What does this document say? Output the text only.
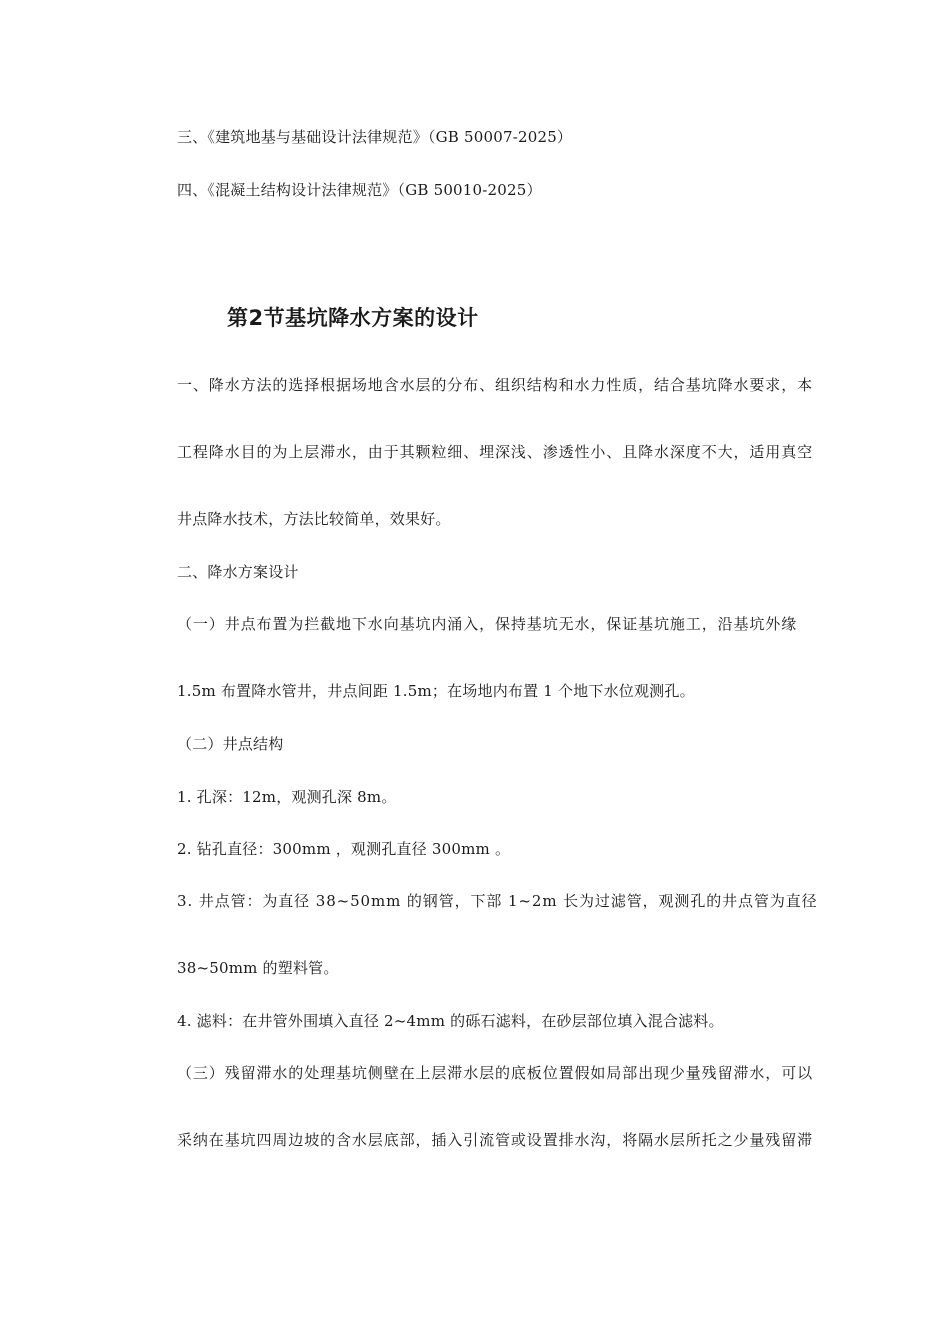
三、《建筑地基与基础设计法律规范》（GB 50007-2025）
四、《混凝土结构设计法律规范》（GB 50010-2025）
第2节基坑降水方案的设计
一、降水方法的选择根据场地含水层的分布、组织结构和水力性质，结合基坑降水要求，本
工程降水目的为上层滞水，由于其颗粒细、埋深浅、渗透性小、且降水深度不大，适用真空
井点降水技术，方法比较简单，效果好。
二、降水方案设计
（一）井点布置为拦截地下水向基坑内涌入，保持基坑无水，保证基坑施工，沿基坑外缘
1.5m 布置降水管井，井点间距 1.5m；在场地内布置 1 个地下水位观测孔。
（二）井点结构
1. 孔深：12m，观测孔深 8m。
2. 钻孔直径：300mm ，观测孔直径 300mm 。
3. 井点管：为直径 38~50mm 的钢管，下部 1~2m 长为过滤管，观测孔的井点管为直径
38~50mm 的塑料管。
4. 滤料：在井管外围填入直径 2~4mm 的砾石滤料，在砂层部位填入混合滤料。
（三）残留滞水的处理基坑侧壁在上层滞水层的底板位置假如局部出现少量残留滞水，可以
采纳在基坑四周边坡的含水层底部，插入引流管或设置排水沟，将隔水层所托之少量残留滞
